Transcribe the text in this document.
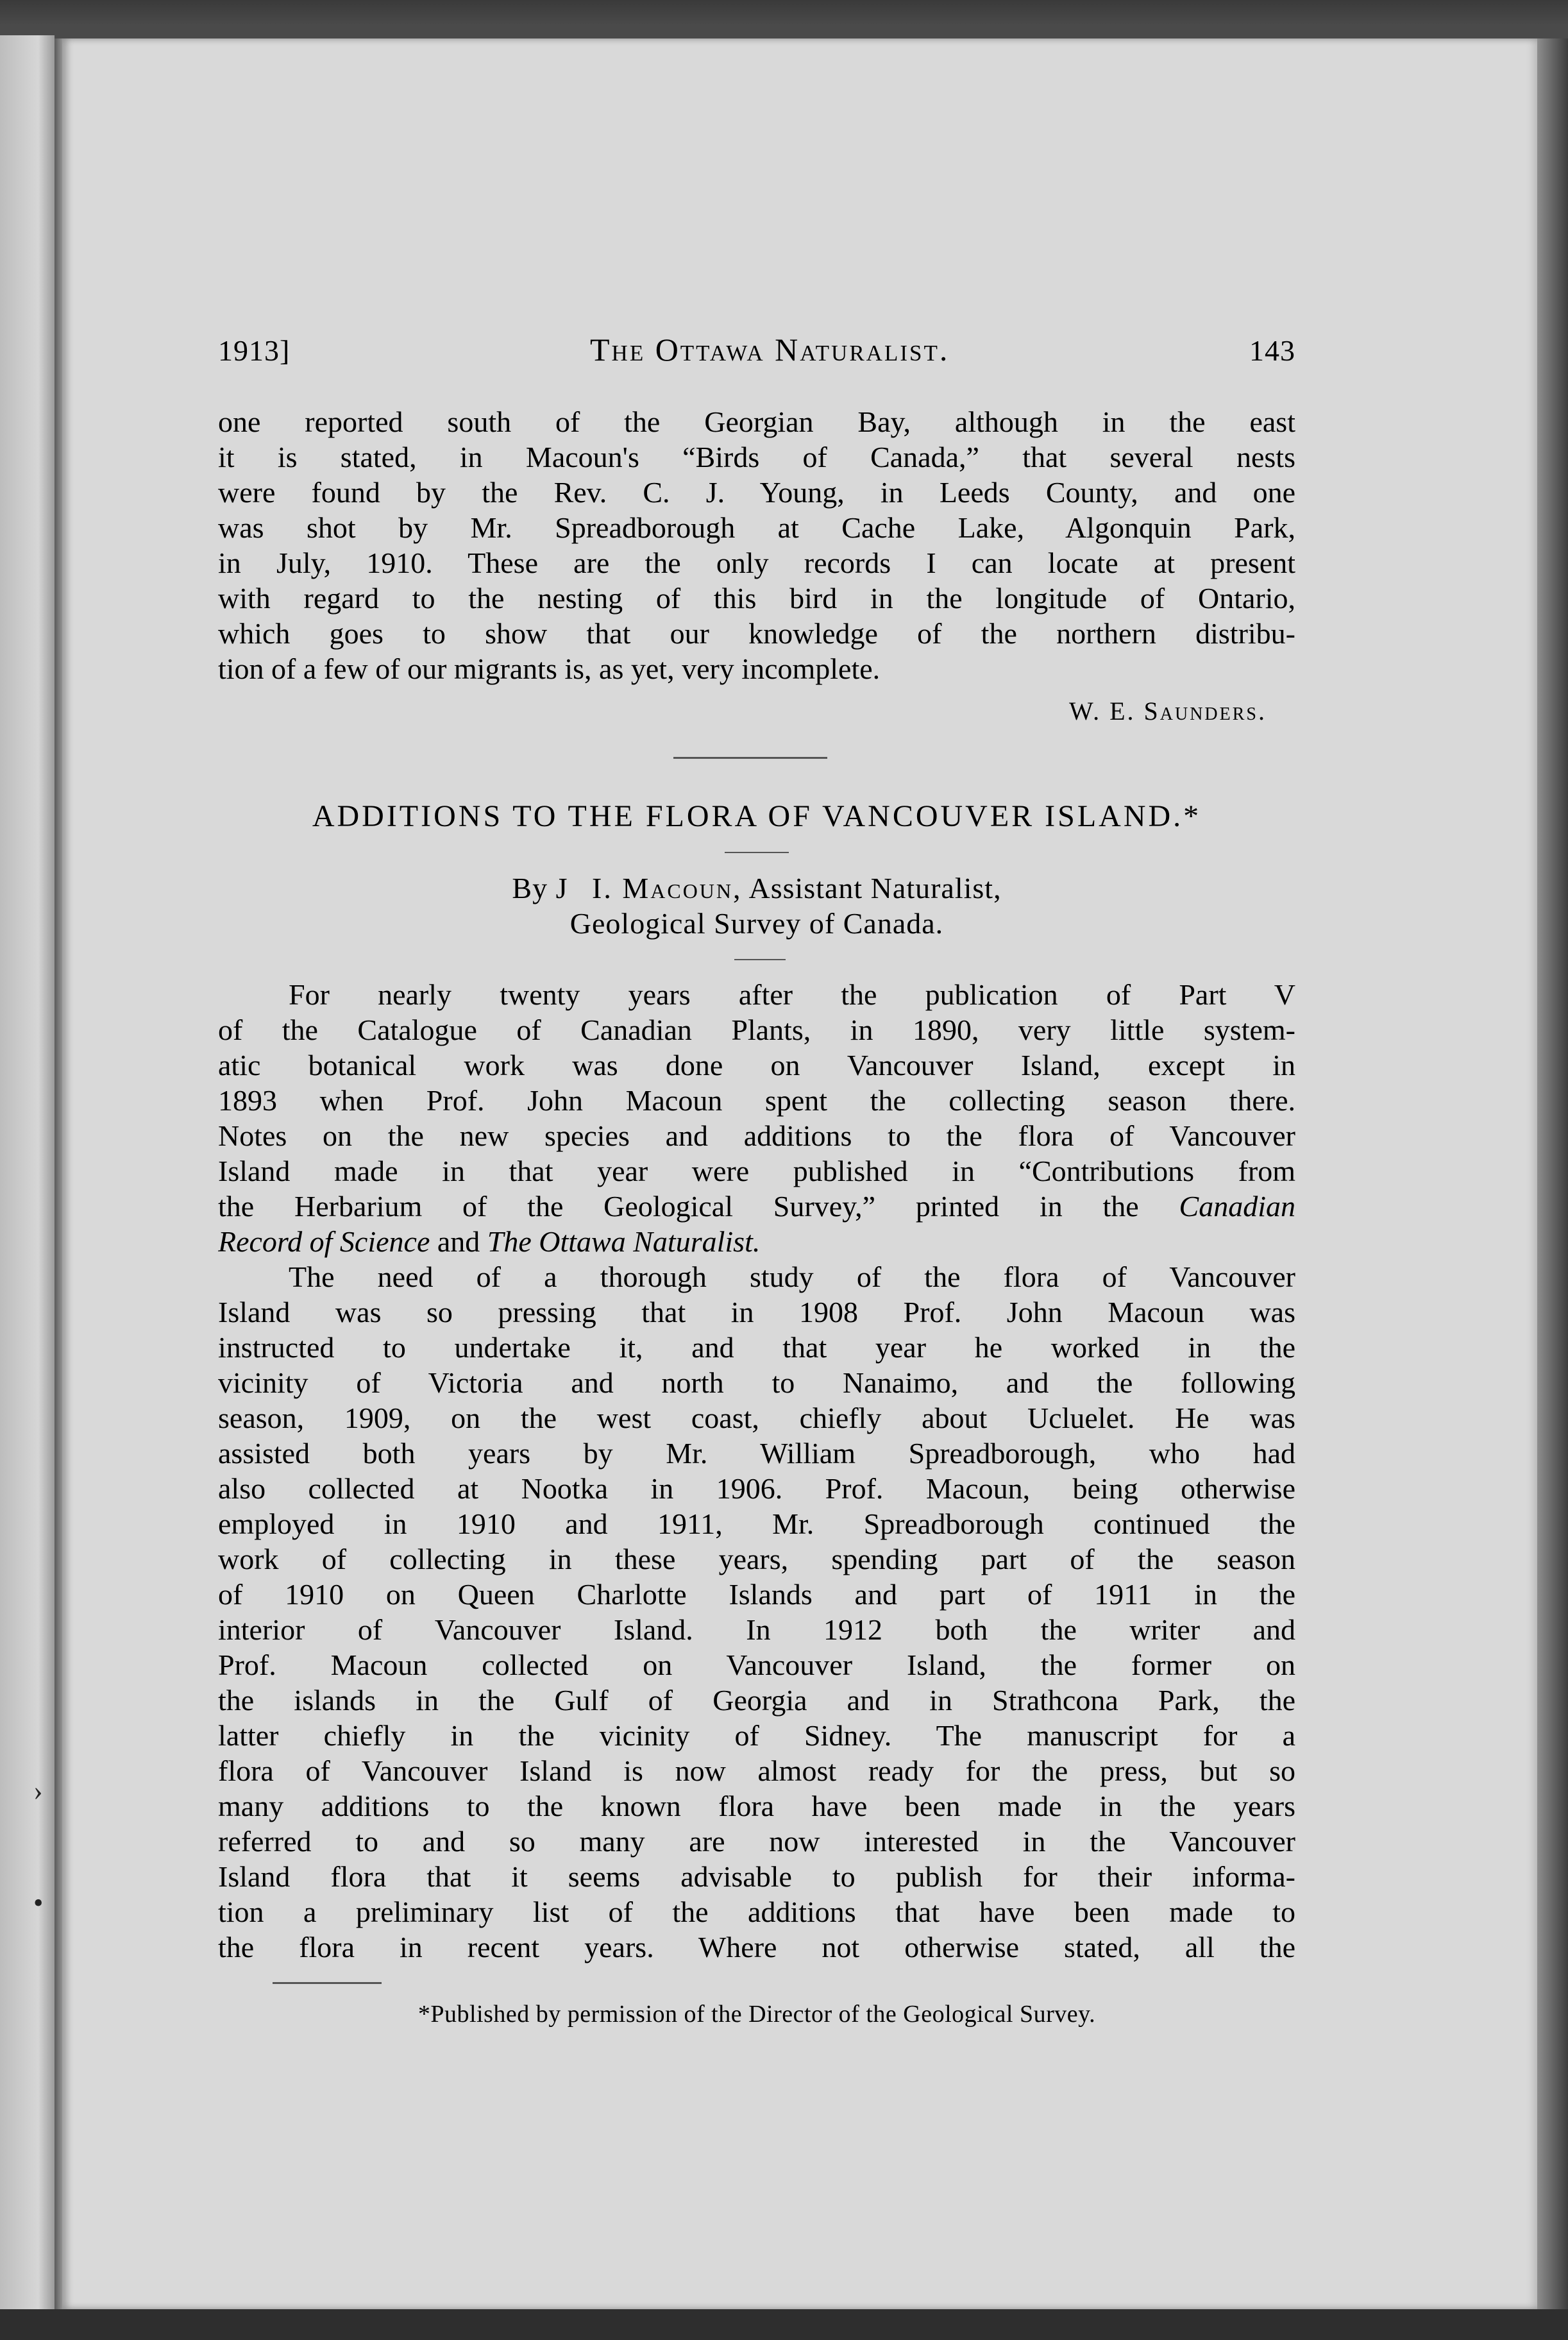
›
•
1913]	The Ottawa Naturalist.	143
one reported south of the Georgian Bay, although in the east
it is stated, in Macoun's “Birds of Canada,” that several nests
were found by the Rev. C. J. Young, in Leeds County, and one
was shot by Mr. Spreadborough at Cache Lake, Algonquin Park,
in July, 1910. These are the only records I can locate at present
with regard to the nesting of this bird in the longitude of Ontario,
which goes to show that our knowledge of the northern distribu-
tion of a few of our migrants is, as yet, very incomplete.
W. E. Saunders.
ADDITIONS TO THE FLORA OF VANCOUVER ISLAND.*
By J I. Macoun, Assistant Naturalist,
Geological Survey of Canada.
For nearly twenty years after the publication of Part V
of the Catalogue of Canadian Plants, in 1890, very little system-
atic botanical work was done on Vancouver Island, except in
1893 when Prof. John Macoun spent the collecting season there.
Notes on the new species and additions to the flora of Vancouver
Island made in that year were published in “Contributions from
the Herbarium of the Geological Survey,” printed in the Canadian
Record of Science and The Ottawa Naturalist.
The need of a thorough study of the flora of Vancouver
Island was so pressing that in 1908 Prof. John Macoun was
instructed to undertake it, and that year he worked in the
vicinity of Victoria and north to Nanaimo, and the following
season, 1909, on the west coast, chiefly about Ucluelet. He was
assisted both years by Mr. William Spreadborough, who had
also collected at Nootka in 1906. Prof. Macoun, being otherwise
employed in 1910 and 1911, Mr. Spreadborough continued the
work of collecting in these years, spending part of the season
of 1910 on Queen Charlotte Islands and part of 1911 in the
interior of Vancouver Island. In 1912 both the writer and
Prof. Macoun collected on Vancouver Island, the former on
the islands in the Gulf of Georgia and in Strathcona Park, the
latter chiefly in the vicinity of Sidney. The manuscript for a
flora of Vancouver Island is now almost ready for the press, but so
many additions to the known flora have been made in the years
referred to and so many are now interested in the Vancouver
Island flora that it seems advisable to publish for their informa-
tion a preliminary list of the additions that have been made to
the flora in recent years. Where not otherwise stated, all the
*Published by permission of the Director of the Geological Survey.
